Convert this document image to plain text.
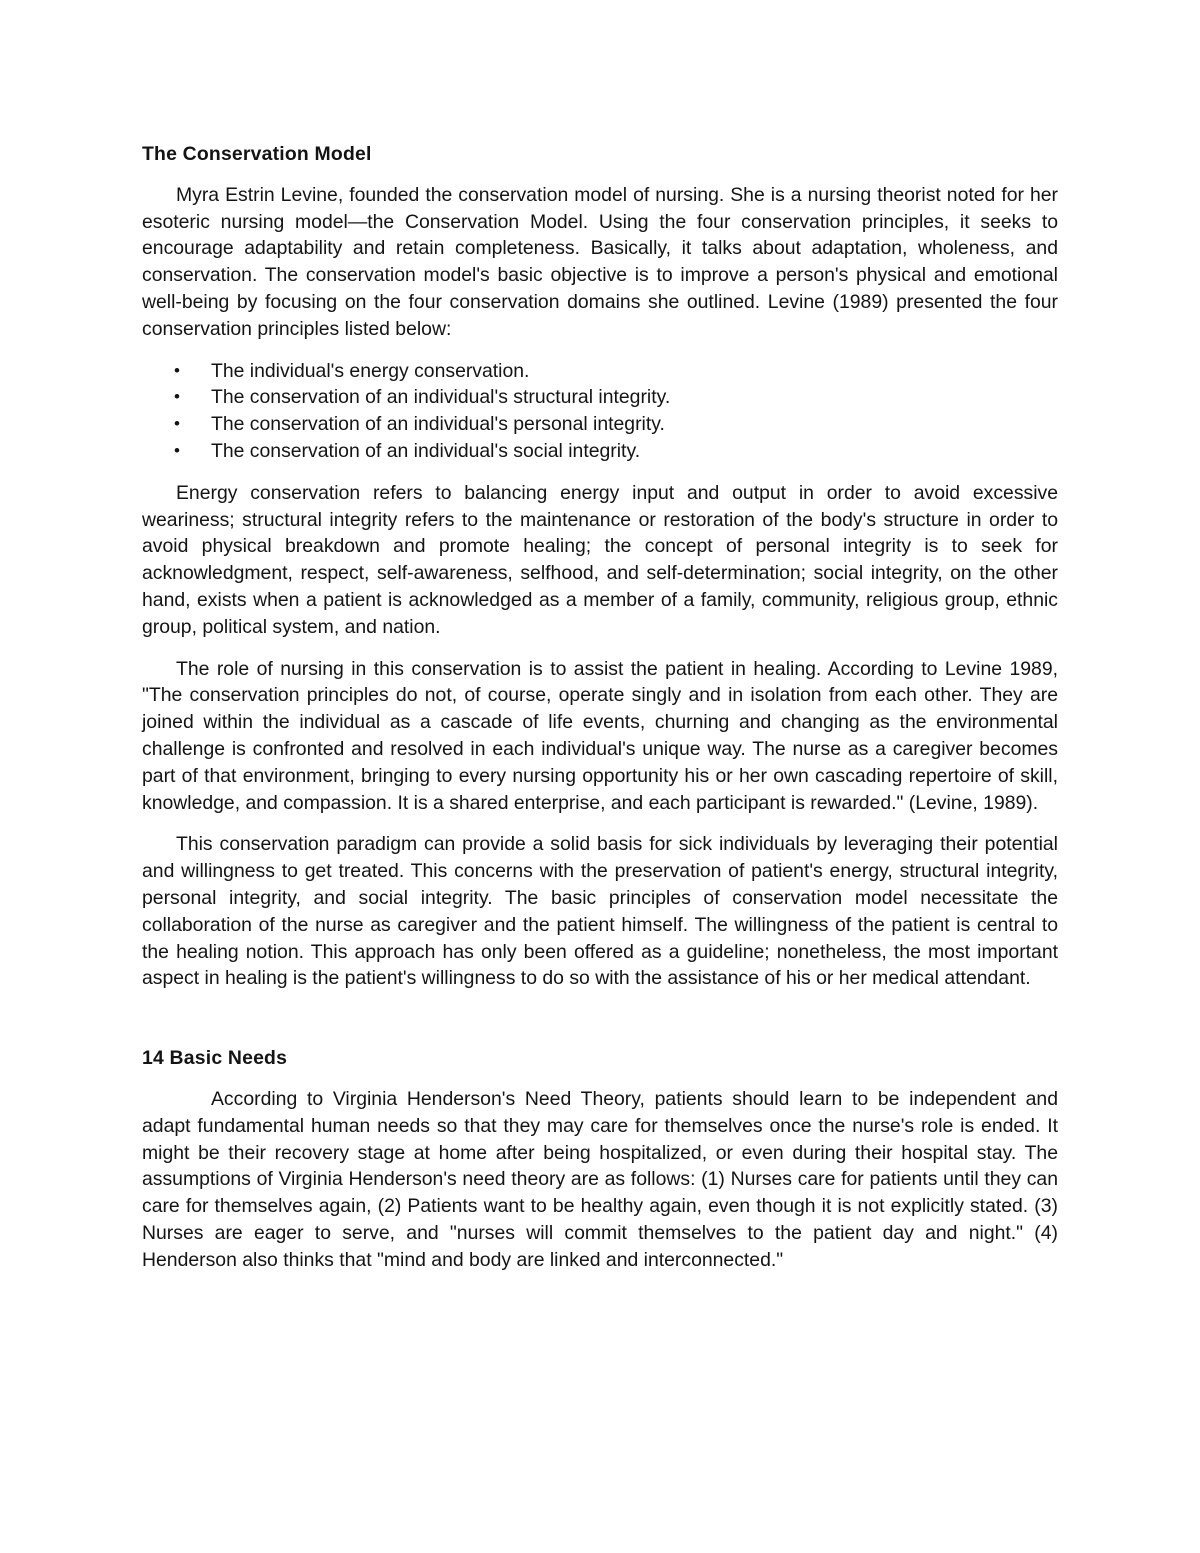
The Conservation Model

Myra Estrin Levine, founded the conservation model of nursing. She is a nursing theorist noted for her esoteric nursing model—the Conservation Model. Using the four conservation principles, it seeks to encourage adaptability and retain completeness. Basically, it talks about adaptation, wholeness, and conservation. The conservation model's basic objective is to improve a person's physical and emotional well-being by focusing on the four conservation domains she outlined. Levine (1989) presented the four conservation principles listed below:

• The individual's energy conservation.
• The conservation of an individual's structural integrity.
• The conservation of an individual's personal integrity.
• The conservation of an individual's social integrity.

Energy conservation refers to balancing energy input and output in order to avoid excessive weariness; structural integrity refers to the maintenance or restoration of the body's structure in order to avoid physical breakdown and promote healing; the concept of personal integrity is to seek for acknowledgment, respect, self-awareness, selfhood, and self-determination; social integrity, on the other hand, exists when a patient is acknowledged as a member of a family, community, religious group, ethnic group, political system, and nation.

The role of nursing in this conservation is to assist the patient in healing. According to Levine 1989, "The conservation principles do not, of course, operate singly and in isolation from each other. They are joined within the individual as a cascade of life events, churning and changing as the environmental challenge is confronted and resolved in each individual's unique way. The nurse as a caregiver becomes part of that environment, bringing to every nursing opportunity his or her own cascading repertoire of skill, knowledge, and compassion. It is a shared enterprise, and each participant is rewarded." (Levine, 1989).

This conservation paradigm can provide a solid basis for sick individuals by leveraging their potential and willingness to get treated. This concerns with the preservation of patient's energy, structural integrity, personal integrity, and social integrity. The basic principles of conservation model necessitate the collaboration of the nurse as caregiver and the patient himself. The willingness of the patient is central to the healing notion. This approach has only been offered as a guideline; nonetheless, the most important aspect in healing is the patient's willingness to do so with the assistance of his or her medical attendant.

14 Basic Needs

According to Virginia Henderson's Need Theory, patients should learn to be independent and adapt fundamental human needs so that they may care for themselves once the nurse's role is ended. It might be their recovery stage at home after being hospitalized, or even during their hospital stay. The assumptions of Virginia Henderson's need theory are as follows: (1) Nurses care for patients until they can care for themselves again, (2) Patients want to be healthy again, even though it is not explicitly stated. (3) Nurses are eager to serve, and "nurses will commit themselves to the patient day and night." (4) Henderson also thinks that "mind and body are linked and interconnected."
